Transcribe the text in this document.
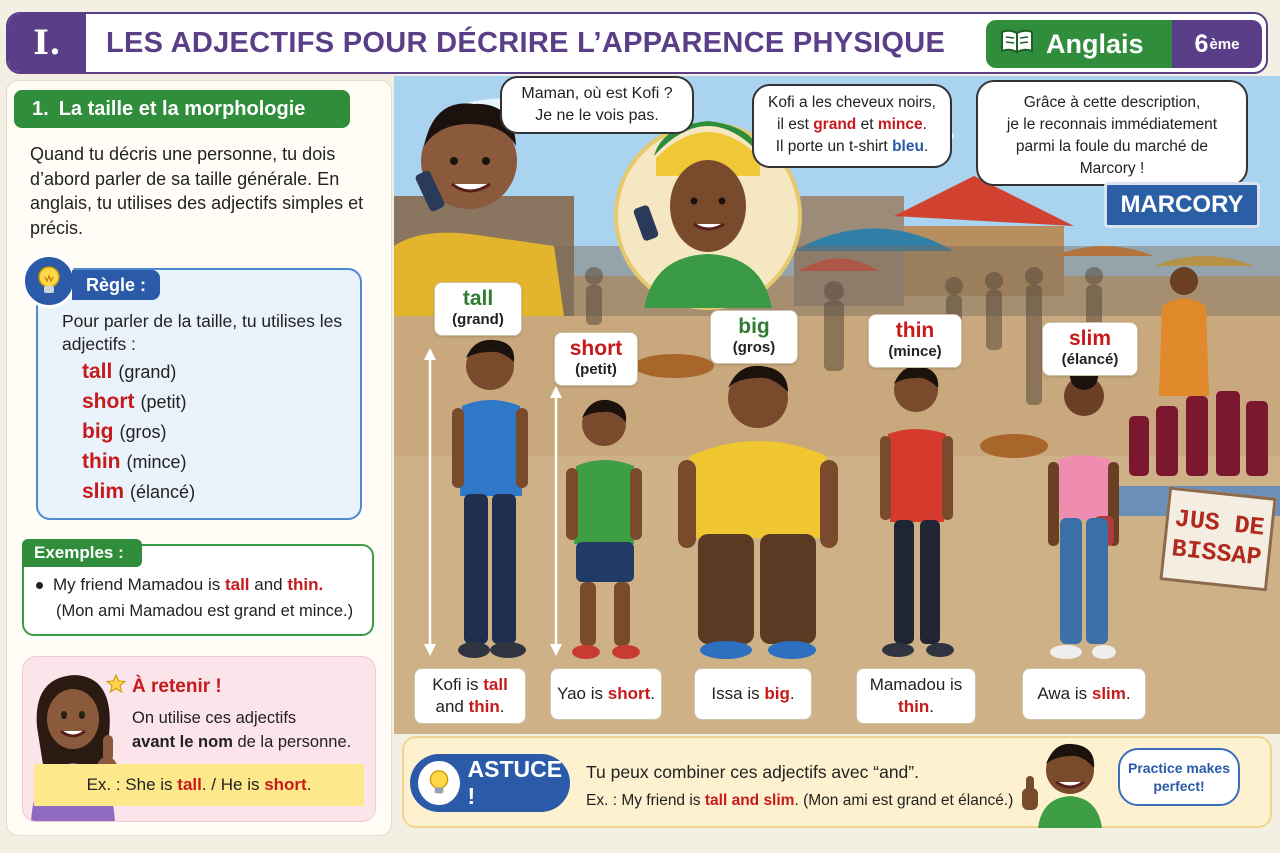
I.	LES ADJECTIFS POUR DÉCRIRE L’APPARENCE PHYSIQUE	Anglais 6 ème
1. La taille et la morphologie
Quand tu décris une personne, tu dois d’abord parler de sa taille générale. En anglais, tu utilises des adjectifs simples et précis.
Règle :
Pour parler de la taille, tu utilises les adjectifs :
tall (grand)
short (petit)
big (gros)
thin (mince)
slim (élancé)
Exemples :
My friend Mamadou is tall and thin.
(Mon ami Mamadou est grand et mince.)
À retenir !
On utilise ces adjectifs
avant le nom de la personne.
Ex. : She is
tall . / He is
short .
Maman, où est Kofi ?
Je ne le vois pas.
Kofi a les cheveux noirs,
il est grand et mince.
Il porte un t-shirt bleu.
Grâce à cette description,
je le reconnais immédiatement
parmi la foule du marché de
Marcory !
MARCORY
JUS DE BISSAP
tall
(grand)
short
(petit)
big
(gros)
thin
(mince)
slim
(élancé)
Kofi is tall
and thin.
Yao is
short .	Issa is
big .	Mamadou is
thin.
Awa is
slim .
ASTUCE !
Tu peux combiner ces adjectifs avec “and”.
Ex. : My friend is tall and slim. (Mon ami est grand et élancé.)
Practice makes perfect!
